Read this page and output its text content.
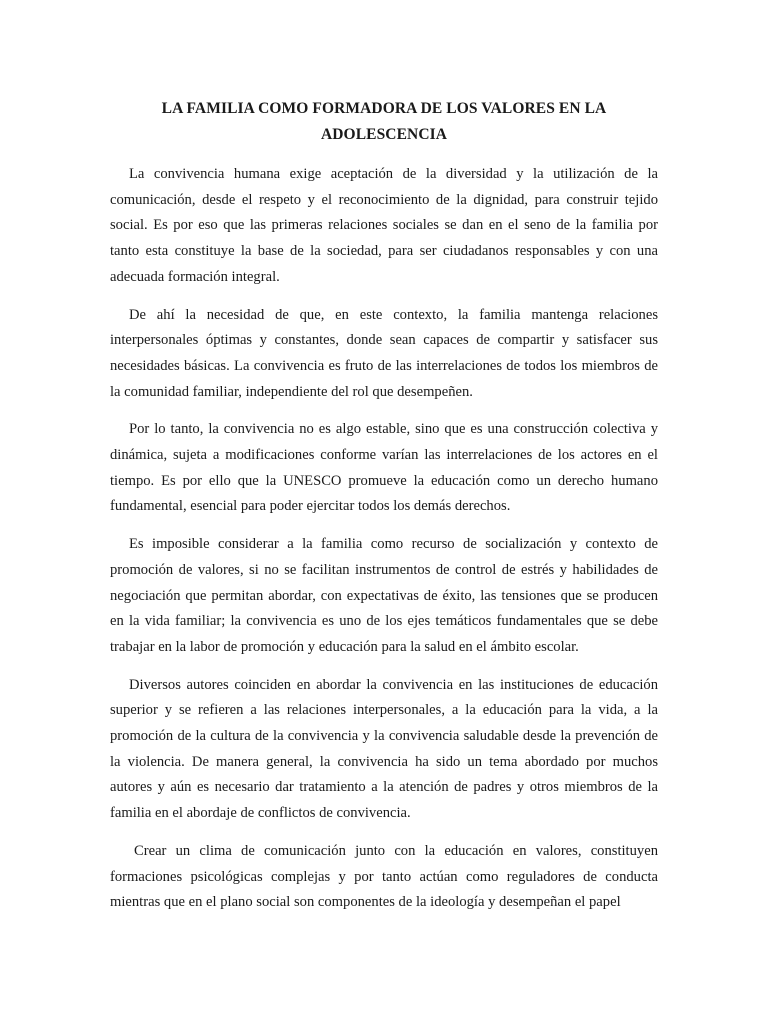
LA FAMILIA COMO FORMADORA DE LOS VALORES EN LA
ADOLESCENCIA

La convivencia humana exige aceptación de la diversidad y la utilización de la comunicación, desde el respeto y el reconocimiento de la dignidad, para construir tejido social. Es por eso que las primeras relaciones sociales se dan en el seno de la familia por tanto esta constituye la base de la sociedad, para ser ciudadanos responsables y con una adecuada formación integral.

De ahí la necesidad de que, en este contexto, la familia mantenga relaciones interpersonales óptimas y constantes, donde sean capaces de compartir y satisfacer sus necesidades básicas. La convivencia es fruto de las interrelaciones de todos los miembros de la comunidad familiar, independiente del rol que desempeñen.

Por lo tanto, la convivencia no es algo estable, sino que es una construcción colectiva y dinámica, sujeta a modificaciones conforme varían las interrelaciones de los actores en el tiempo. Es por ello que la UNESCO promueve la educación como un derecho humano fundamental, esencial para poder ejercitar todos los demás derechos.

Es imposible considerar a la familia como recurso de socialización y contexto de promoción de valores, si no se facilitan instrumentos de control de estrés y habilidades de negociación que permitan abordar, con expectativas de éxito, las tensiones que se producen en la vida familiar; la convivencia es uno de los ejes temáticos fundamentales que se debe trabajar en la labor de promoción y educación para la salud en el ámbito escolar.

Diversos autores coinciden en abordar la convivencia en las instituciones de educación superior y se refieren a las relaciones interpersonales, a la educación para la vida, a la promoción de la cultura de la convivencia y la convivencia saludable desde la prevención de la violencia. De manera general, la convivencia ha sido un tema abordado por muchos autores y aún es necesario dar tratamiento a la atención de padres y otros miembros de la familia en el abordaje de conflictos de convivencia.

Crear un clima de comunicación junto con la educación en valores, constituyen formaciones psicológicas complejas y por tanto actúan como reguladores de conducta mientras que en el plano social son componentes de la ideología y desempeñan el papel
